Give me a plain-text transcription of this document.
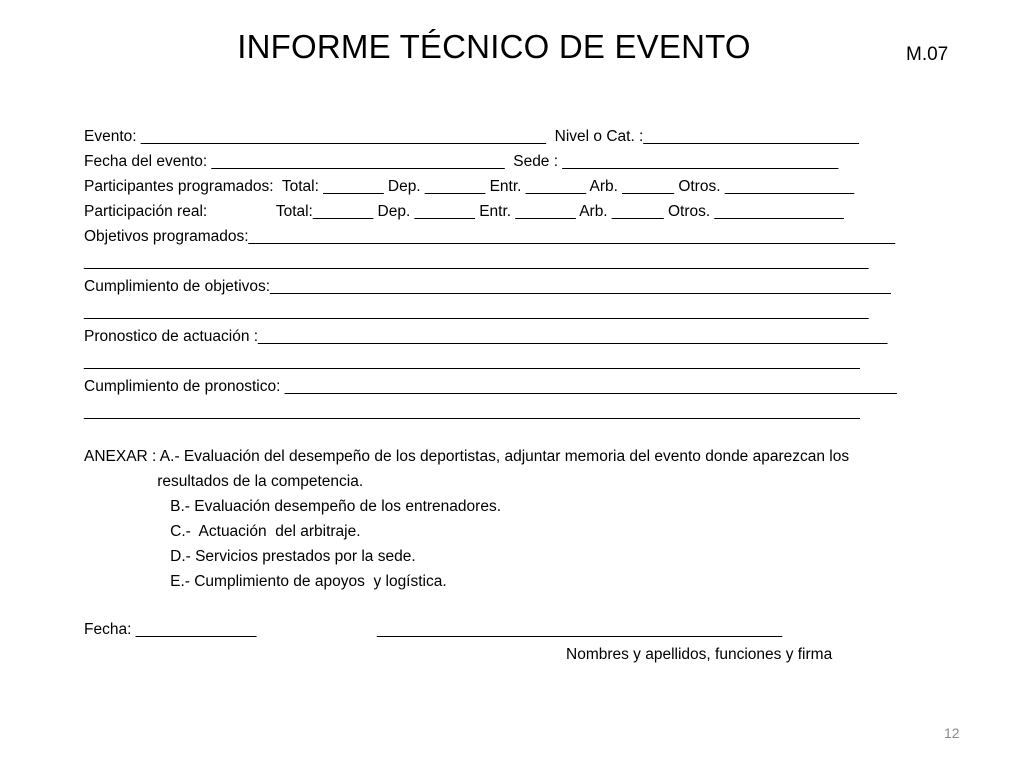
INFORME TÉCNICO DE EVENTO	M.07
Evento: _______________________________________________  Nivel o Cat. :_________________________
Fecha del evento: __________________________________  Sede : ________________________________
Participantes programados:  Total: _______ Dep. _______ Entr. _______ Arb. ______ Otros. _______________
Participación real:                Total:_______ Dep. _______ Entr. _______ Arb. ______ Otros. _______________
Objetivos programados:___________________________________________________________________________
___________________________________________________________________________________________
Cumplimiento de objetivos:________________________________________________________________________
___________________________________________________________________________________________
Pronostico de actuación :_________________________________________________________________________
__________________________________________________________________________________________
Cumplimiento de pronostico: _______________________________________________________________________
__________________________________________________________________________________________
ANEXAR : A.- Evaluación del desempeño de los deportistas, adjuntar memoria del evento donde aparezcan los
resultados de la competencia.
B.- Evaluación desempeño de los entrenadores.
C.-  Actuación  del arbitraje.
D.- Servicios prestados por la sede.
E.- Cumplimiento de apoyos  y logística.
Fecha: ______________                            _______________________________________________
Nombres y apellidos, funciones y firma
12
